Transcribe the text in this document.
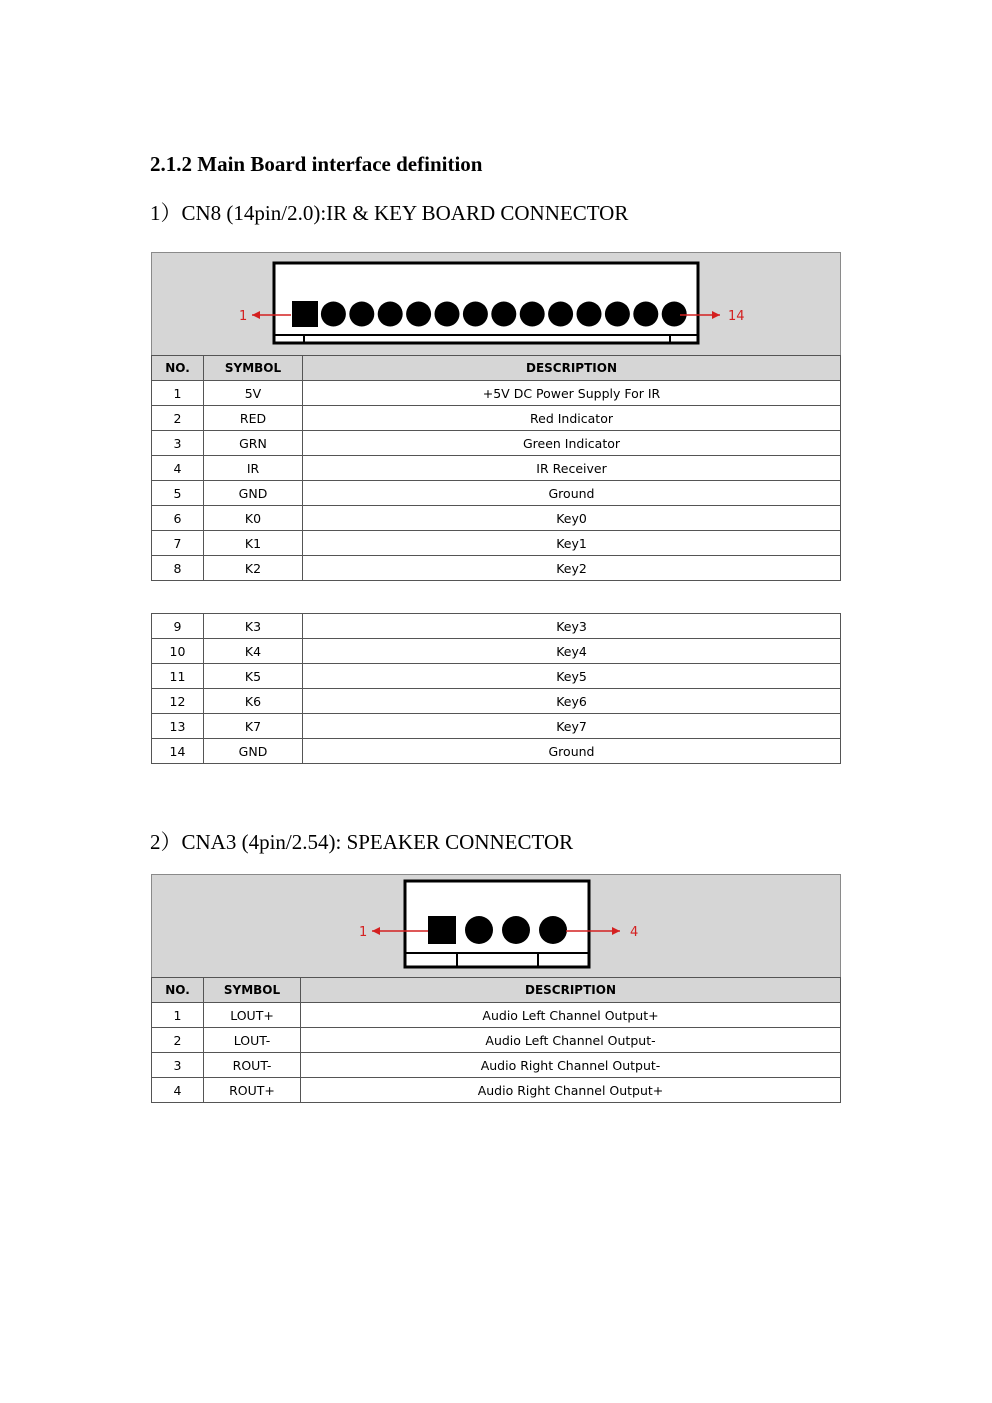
2.1.2 Main Board interface definition

1）CN8 (14pin/2.0):IR & KEY BOARD CONNECTOR

1	14
NO.	SYMBOL	DESCRIPTION
1	5V	+5V DC Power Supply For IR
2	RED	Red Indicator
3	GRN	Green Indicator
4	IR	IR Receiver
5	GND	Ground
6	K0	Key0
7	K1	Key1
8	K2	Key2
9	K3	Key3
10	K4	Key4
11	K5	Key5
12	K6	Key6
13	K7	Key7
14	GND	Ground

2）CNA3 (4pin/2.54): SPEAKER CONNECTOR

1	4
NO.	SYMBOL	DESCRIPTION
1	LOUT+	Audio Left Channel Output+
2	LOUT-	Audio Left Channel Output-
3	ROUT-	Audio Right Channel Output-
4	ROUT+	Audio Right Channel Output+
